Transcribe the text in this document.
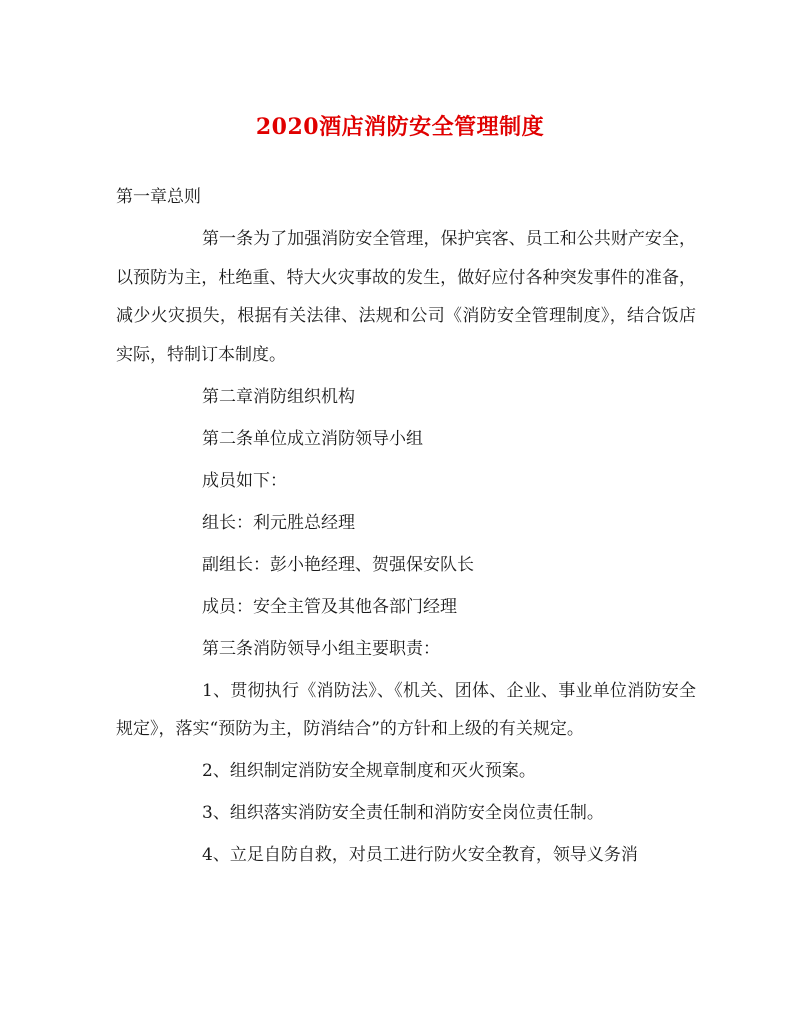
2020酒店消防安全管理制度

第一章总则

第一条为了加强消防安全管理，保护宾客、员工和公共财产安全，以预防为主，杜绝重、特大火灾事故的发生，做好应付各种突发事件的准备，减少火灾损失，根据有关法律、法规和公司《消防安全管理制度》，结合饭店实际，特制订本制度。

第二章消防组织机构

第二条单位成立消防领导小组

成员如下：

组长：利元胜总经理

副组长：彭小艳经理、贺强保安队长

成员：安全主管及其他各部门经理

第三条消防领导小组主要职责：

1、贯彻执行《消防法》、《机关、团体、企业、事业单位消防安全规定》，落实“预防为主，防消结合”的方针和上级的有关规定。

2、组织制定消防安全规章制度和灭火预案。

3、组织落实消防安全责任制和消防安全岗位责任制。

4、立足自防自救，对员工进行防火安全教育，领导义务消
